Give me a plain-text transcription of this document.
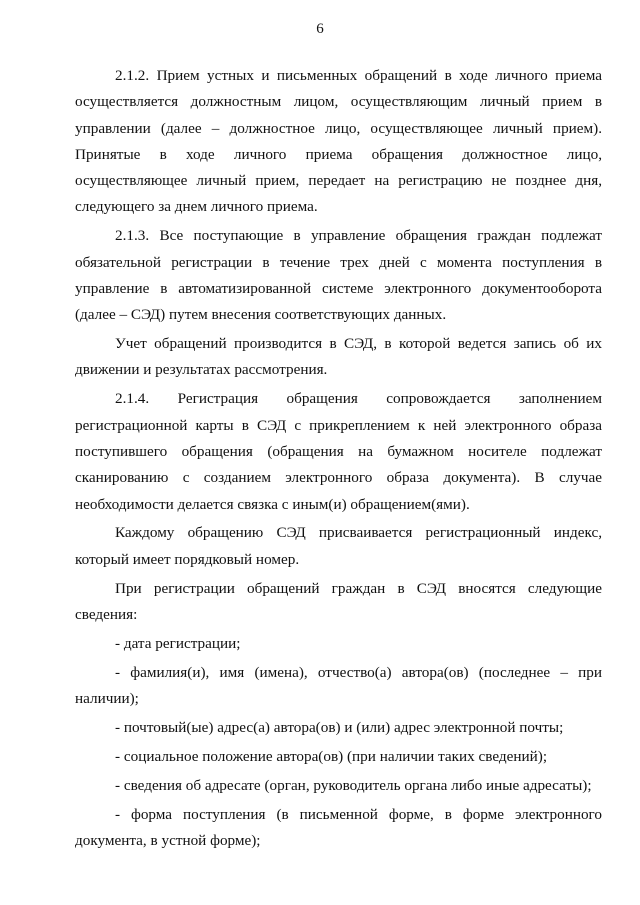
6

2.1.2. Прием устных и письменных обращений в ходе личного приема осуществляется должностным лицом, осуществляющим личный прием в управлении (далее – должностное лицо, осуществляющее личный прием). Принятые в ходе личного приема обращения должностное лицо, осуществляющее личный прием, передает на регистрацию не позднее дня, следующего за днем личного приема.

2.1.3. Все поступающие в управление обращения граждан подлежат обязательной регистрации в течение трех дней с момента поступления в управление в автоматизированной системе электронного документооборота (далее – СЭД) путем внесения соответствующих данных.

Учет обращений производится в СЭД, в которой ведется запись об их движении и результатах рассмотрения.

2.1.4. Регистрация обращения сопровождается заполнением регистрационной карты в СЭД с прикреплением к ней электронного образа поступившего обращения (обращения на бумажном носителе подлежат сканированию с созданием электронного образа документа). В случае необходимости делается связка с иным(и) обращением(ями).

Каждому обращению СЭД присваивается регистрационный индекс, который имеет порядковый номер.

При регистрации обращений граждан в СЭД вносятся следующие сведения:

- дата регистрации;

- фамилия(и), имя (имена), отчество(а) автора(ов) (последнее – при наличии);

- почтовый(ые) адрес(а) автора(ов) и (или) адрес электронной почты;

- социальное положение автора(ов) (при наличии таких сведений);

- сведения об адресате (орган, руководитель органа либо иные адресаты);

- форма поступления (в письменной форме, в форме электронного документа, в устной форме);
